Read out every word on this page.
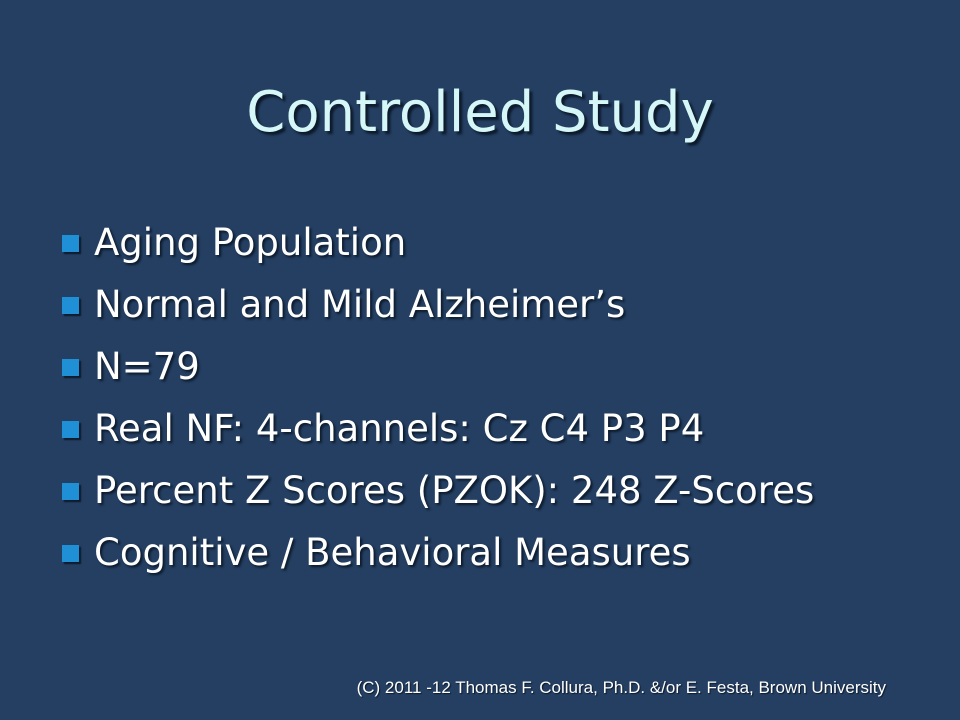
Controlled Study
Aging Population
Normal and Mild Alzheimer’s
N=79
Real NF: 4-channels: Cz C4 P3 P4
Percent Z Scores (PZOK): 248 Z-Scores
Cognitive / Behavioral Measures
(C) 2011 -12 Thomas F. Collura, Ph.D. &/or E. Festa, Brown University
